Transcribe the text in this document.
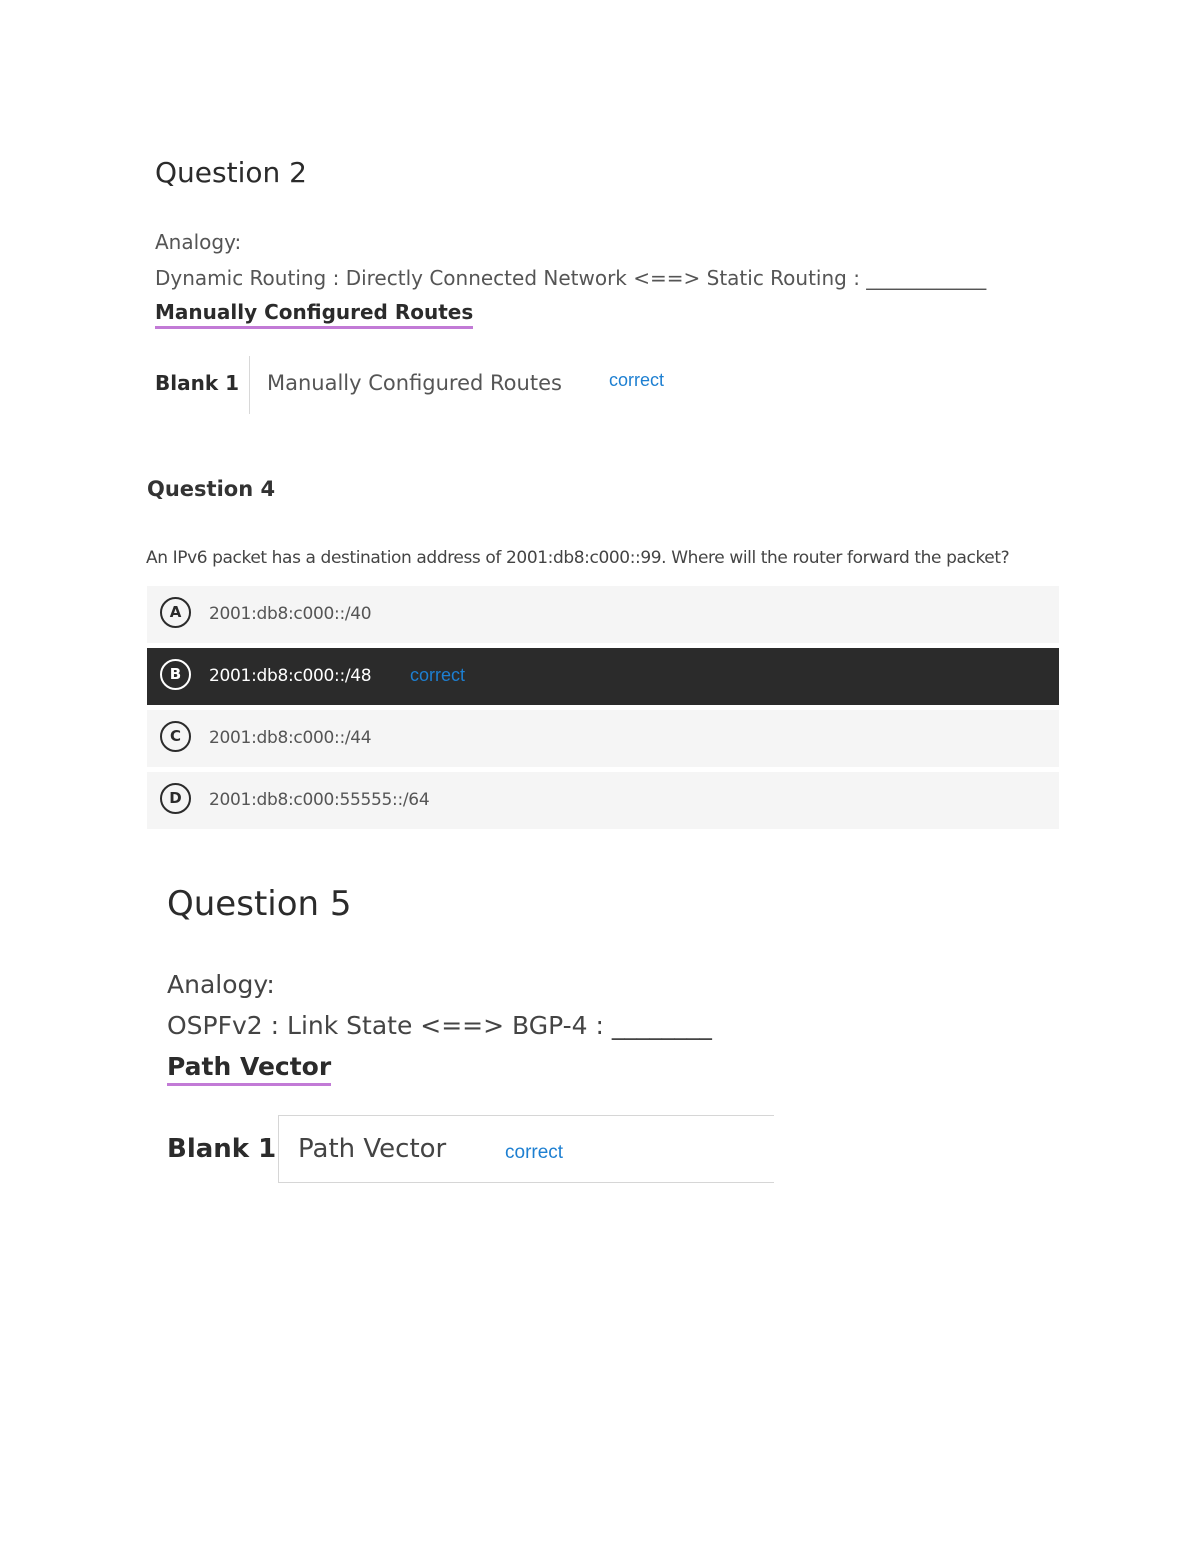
Question 2
Analogy:
Dynamic Routing : Directly Connected Network <==> Static Routing : ____________
Manually Configured Routes
Blank 1 Manually Configured Routes	correct
Question 4
An IPv6 packet has a destination address of 2001:db8:c000::99. Where will the router forward the packet?
A	2001:db8:c000::/40
B	2001:db8:c000::/48 correct
C	2001:db8:c000::/44
D	2001:db8:c000:55555::/64
Question 5
Analogy:
OSPFv2 : Link State <==> BGP-4 : ________
Path Vector
Blank 1 Path Vector	correct
